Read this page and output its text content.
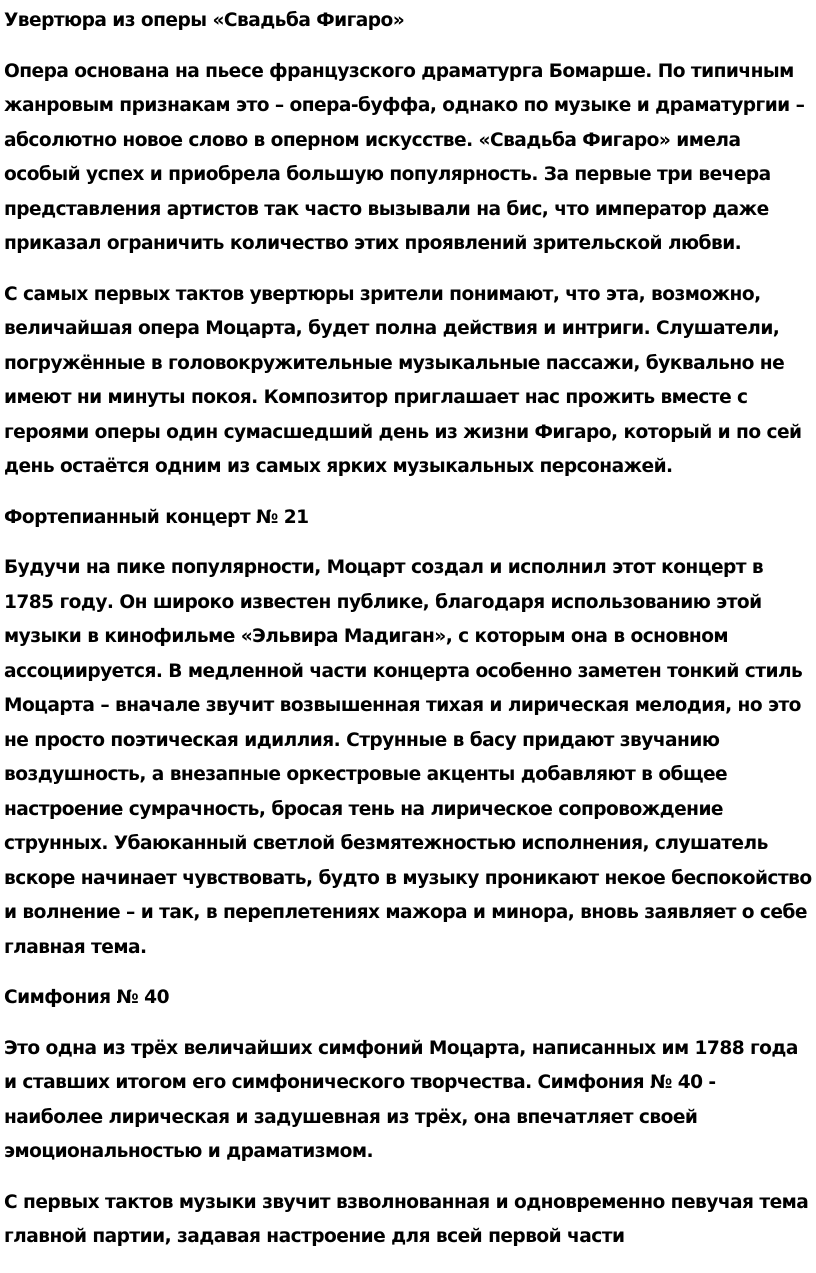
Увертюра из оперы «Свадьба Фигаро»
Опера основана на пьесе французского драматурга Бомарше. По типичным жанровым признакам это – опера-буффа, однако по музыке и драматургии – абсолютно новое слово в оперном искусстве. «Свадьба Фигаро» имела особый успех и приобрела большую популярность. За первые три вечера представления артистов так часто вызывали на бис, что император даже приказал ограничить количество этих проявлений зрительской любви.
С самых первых тактов увертюры зрители понимают, что эта, возможно, величайшая опера Моцарта, будет полна действия и интриги. Слушатели, погружённые в головокружительные музыкальные пассажи, буквально не имеют ни минуты покоя. Композитор приглашает нас прожить вместе с героями оперы один сумасшедший день из жизни Фигаро, который и по сей день остаётся одним из самых ярких музыкальных персонажей.
Фортепианный концерт № 21
Будучи на пике популярности, Моцарт создал и исполнил этот концерт в 1785 году. Он широко известен публике, благодаря использованию этой музыки в кинофильме «Эльвира Мадиган», с которым она в основном ассоциируется. В медленной части концерта особенно заметен тонкий стиль Моцарта – вначале звучит возвышенная тихая и лирическая мелодия, но это не просто поэтическая идиллия. Струнные в басу придают звучанию воздушность, а внезапные оркестровые акценты добавляют в общее настроение сумрачность, бросая тень на лирическое сопровождение струнных. Убаюканный светлой безмятежностью исполнения, слушатель вскоре начинает чувствовать, будто в музыку проникают некое беспокойство и волнение – и так, в переплетениях мажора и минора, вновь заявляет о себе главная тема.
Симфония № 40
Это одна из трёх величайших симфоний Моцарта, написанных им 1788 года и ставших итогом его симфонического творчества. Симфония № 40 - наиболее лирическая и задушевная из трёх, она впечатляет своей эмоциональностью и драматизмом.
С первых тактов музыки звучит взволнованная и одновременно певучая тема главной партии, задавая настроение для всей первой части
